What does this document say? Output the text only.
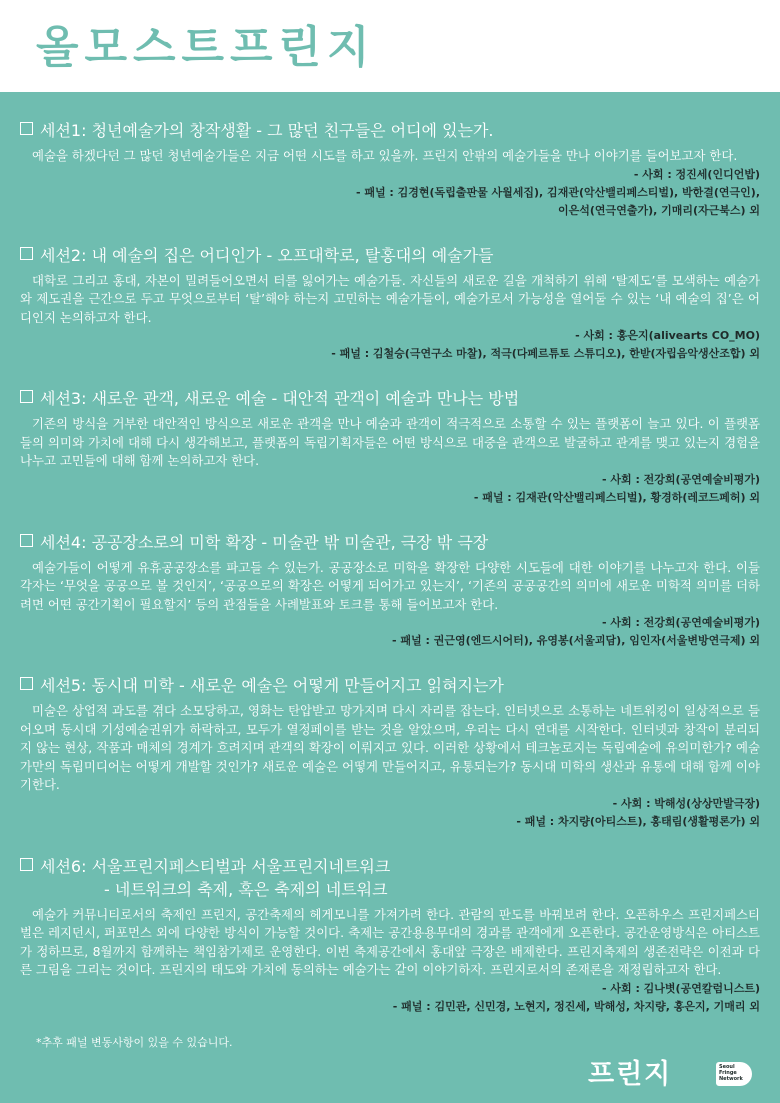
올모스트프린지
세션1: 청년예술가의 창작생활 - 그 많던 친구들은 어디에 있는가.
예술을 하겠다던 그 많던 청년예술가들은 지금 어떤 시도를 하고 있을까. 프린지 안팎의 예술가들을 만나 이야기를 들어보고자 한다.
- 사회 : 정진세(인디언밥)
- 패널 : 김경현(독립출판물 사월세집), 김재관(악산밸리페스티벌), 박한결(연극인),
이은석(연극연출가), 기매리(자근북스) 외
세션2: 내 예술의 집은 어디인가 - 오프대학로, 탈홍대의 예술가들
대학로 그리고 홍대, 자본이 밀려들어오면서 터를 잃어가는 예술가들. 자신들의 새로운 길을 개척하기 위해 ‘탈제도’를 모색하는 예술가와 제도권을 근간으로 두고 무엇으로부터 ‘탈’해야 하는지 고민하는 예술가들이, 예술가로서 가능성을 열어둘 수 있는 ‘내 예술의 집’은 어디인지 논의하고자 한다.
- 사회 : 홍은지(alivearts CO_MO)
- 패널 : 김철승(극연구소 마찰), 적극(다페르튜토 스튜디오), 한받(자립음악생산조합) 외
세션3: 새로운 관객, 새로운 예술 - 대안적 관객이 예술과 만나는 방법
기존의 방식을 거부한 대안적인 방식으로 새로운 관객을 만나 예술과 관객이 적극적으로 소통할 수 있는 플랫폼이 늘고 있다. 이 플랫폼들의 의미와 가치에 대해 다시 생각해보고, 플랫폼의 독립기획자들은 어떤 방식으로 대중을 관객으로 발굴하고 관계를 맺고 있는지 경험을 나누고 고민들에 대해 함께 논의하고자 한다.
- 사회 : 전강희(공연예술비평가)
- 패널 : 김재관(악산밸리페스티벌), 황경하(레코드페허) 외
세션4: 공공장소로의 미학 확장 - 미술관 밖 미술관, 극장 밖 극장
예술가들이 어떻게 유휴공공장소를 파고들 수 있는가. 공공장소로 미학을 확장한 다양한 시도들에 대한 이야기를 나누고자 한다. 이들 각자는 ‘무엇을 공공으로 볼 것인지’, ‘공공으로의 확장은 어떻게 되어가고 있는지’, ‘기존의 공공공간의 의미에 새로운 미학적 의미를 더하려면 어떤 공간기획이 필요할지’ 등의 관점들을 사례발표와 토크를 통해 들어보고자 한다.
- 사회 : 전강희(공연예술비평가)
- 패널 : 권근영(엔드시어터), 유영봉(서울괴담), 임인자(서울변방연극제) 외
세션5: 동시대 미학 - 새로운 예술은 어떻게 만들어지고 읽혀지는가
미술은 상업적 과도를 겪다 소모당하고, 영화는 탄압받고 망가지며 다시 자리를 잡는다. 인터넷으로 소통하는 네트워킹이 일상적으로 들어오며 동시대 기성예술권위가 하락하고, 모두가 열정페이를 받는 것을 알았으며, 우리는 다시 연대를 시작한다. 인터넷과 창작이 분리되지 않는 현상, 작품과 매체의 경계가 흐려지며 관객의 확장이 이뤄지고 있다. 이러한 상황에서 테크놀로지는 독립예술에 유의미한가? 예술가만의 독립미디어는 어떻게 개발할 것인가? 새로운 예술은 어떻게 만들어지고, 유통되는가? 동시대 미학의 생산과 유통에 대해 함께 이야기한다.
- 사회 : 박해성(상상만발극장)
- 패널 : 차지량(아티스트), 홍태림(생활평론가) 외
세션6: 서울프린지페스티벌과 서울프린지네트워크
- 네트워크의 축제, 혹은 축제의 네트워크
예술가 커뮤니티로서의 축제인 프린지, 공간축제의 헤게모니를 가져가려 한다. 관람의 판도를 바꿔보려 한다. 오픈하우스 프린지페스티벌은 레지던시, 퍼포먼스 외에 다양한 방식이 가능할 것이다. 축제는 공간용용무대의 경과를 관객에게 오픈한다. 공간운영방식은 아티스트가 정하므로, 8월까지 함께하는 책임참가제로 운영한다. 이번 축제공간에서 홍대앞 극장은 배제한다. 프린지축제의 생존전략은 이전과 다른 그림을 그리는 것이다. 프린지의 태도와 가치에 동의하는 예술가는 같이 이야기하자. 프린지로서의 존재론을 재정립하고자 한다.
- 사회 : 김나볏(공연칼럼니스트)
- 패널 : 김민관, 신민경, 노현지, 정진세, 박해성, 차지량, 홍은지, 기매리 외
*추후 패널 변동사항이 있을 수 있습니다.
프린지	Seoul
Fringe
Network
